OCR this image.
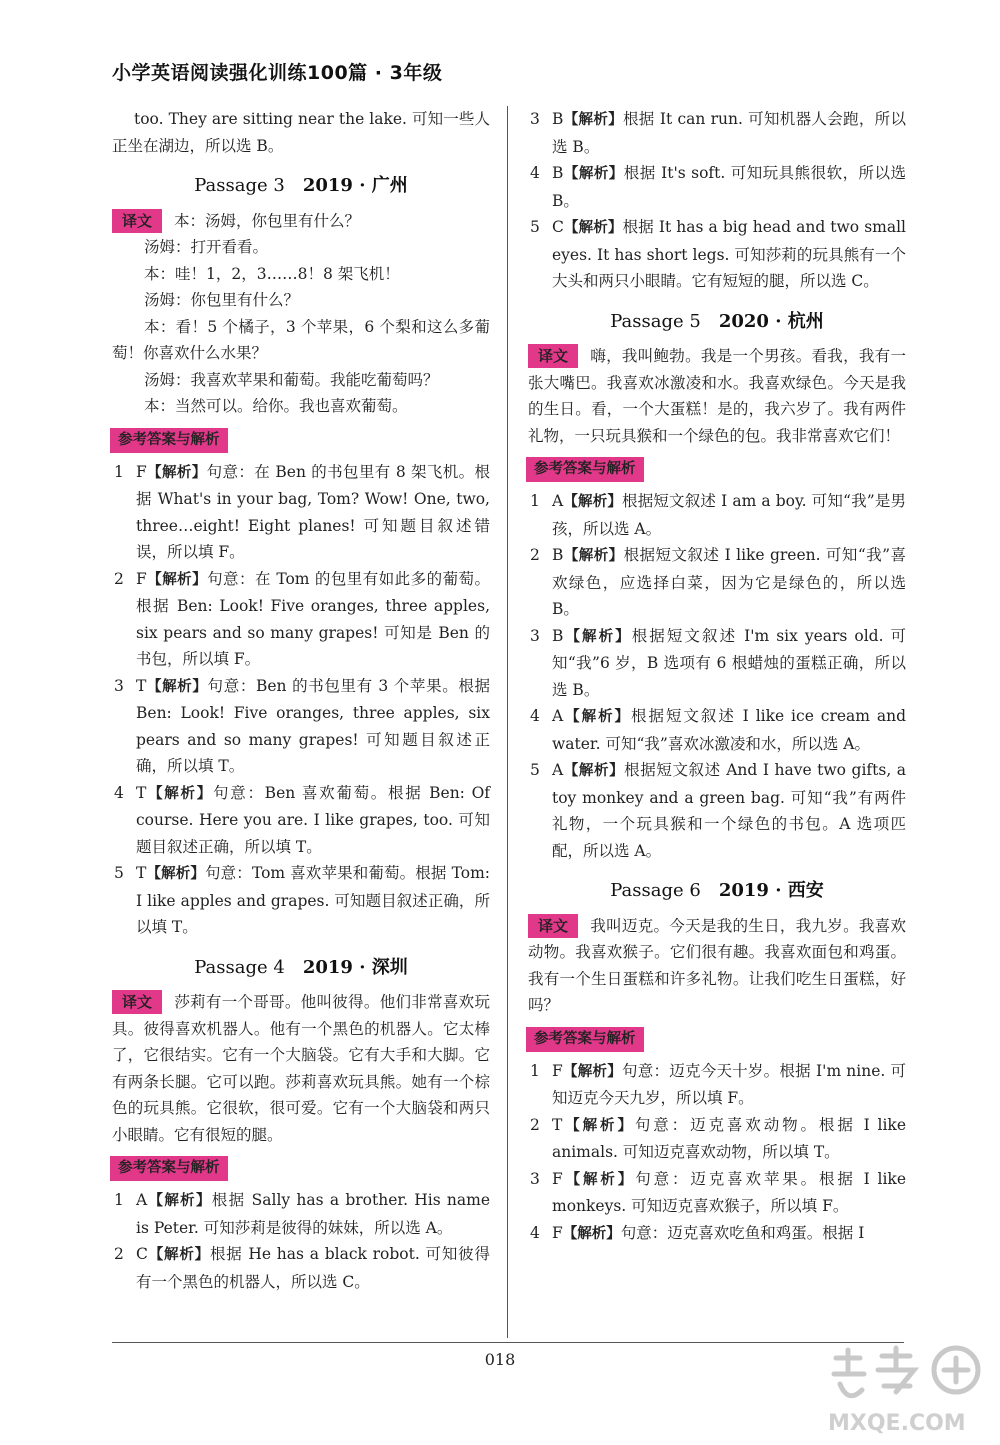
小学英语阅读强化训练100篇 · 3年级

too. They are sitting near the lake. 可知一些人正坐在湖边，所以选 B。

Passage 3 2019 · 广州

译文 本：汤姆，你包里有什么？

汤姆：打开看看。

本：哇！1，2，3……8！8 架飞机！

汤姆：你包里有什么？

本：看！5 个橘子，3 个苹果，6 个梨和这么多葡萄！你喜欢什么水果？

汤姆：我喜欢苹果和葡萄。我能吃葡萄吗？

本：当然可以。给你。我也喜欢葡萄。

参考答案与解析
1 F【解析】句意：在 Ben 的书包里有 8 架飞机。根据 What's in your bag, Tom? Wow! One, two, three…eight! Eight planes! 可知题目叙述错误，所以填 F。
2 F【解析】句意：在 Tom 的包里有如此多的葡萄。根据 Ben: Look! Five oranges, three apples, six pears and so many grapes! 可知是 Ben 的书包，所以填 F。
3 T【解析】句意：Ben 的书包里有 3 个苹果。根据 Ben: Look! Five oranges, three apples, six pears and so many grapes! 可知题目叙述正确，所以填 T。
4 T【解析】句意：Ben 喜欢葡萄。根据 Ben: Of course. Here you are. I like grapes, too. 可知题目叙述正确，所以填 T。
5 T【解析】句意：Tom 喜欢苹果和葡萄。根据 Tom: I like apples and grapes. 可知题目叙述正确，所以填 T。
Passage 4 2019 · 深圳

译文 莎莉有一个哥哥。他叫彼得。他们非常喜欢玩具。彼得喜欢机器人。他有一个黑色的机器人。它太棒了，它很结实。它有一个大脑袋。它有大手和大脚。它有两条长腿。它可以跑。莎莉喜欢玩具熊。她有一个棕色的玩具熊。它很软，很可爱。它有一个大脑袋和两只小眼睛。它有很短的腿。

参考答案与解析
1 A【解析】根据 Sally has a brother. His name is Peter. 可知莎莉是彼得的妹妹，所以选 A。
2 C【解析】根据 He has a black robot. 可知彼得有一个黑色的机器人，所以选 C。
3 B【解析】根据 It can run. 可知机器人会跑，所以选 B。
4 B【解析】根据 It's soft. 可知玩具熊很软，所以选 B。
5 C【解析】根据 It has a big head and two small eyes. It has short legs. 可知莎莉的玩具熊有一个大头和两只小眼睛。它有短短的腿，所以选 C。
Passage 5 2020 · 杭州

译文 嗨，我叫鲍勃。我是一个男孩。看我，我有一张大嘴巴。我喜欢冰激凌和水。我喜欢绿色。今天是我的生日。看，一个大蛋糕！是的，我六岁了。我有两件礼物，一只玩具猴和一个绿色的包。我非常喜欢它们！

参考答案与解析
1 A【解析】根据短文叙述 I am a boy. 可知“我”是男孩，所以选 A。
2 B【解析】根据短文叙述 I like green. 可知“我”喜欢绿色，应选择白菜，因为它是绿色的，所以选 B。
3 B【解析】根据短文叙述 I'm six years old. 可知“我”6 岁，B 选项有 6 根蜡烛的蛋糕正确，所以选 B。
4 A【解析】根据短文叙述 I like ice cream and water. 可知“我”喜欢冰激凌和水，所以选 A。
5 A【解析】根据短文叙述 And I have two gifts, a toy monkey and a green bag. 可知“我”有两件礼物，一个玩具猴和一个绿色的书包。A 选项匹配，所以选 A。
Passage 6 2019 · 西安

译文 我叫迈克。今天是我的生日，我九岁。我喜欢动物。我喜欢猴子。它们很有趣。我喜欢面包和鸡蛋。我有一个生日蛋糕和许多礼物。让我们吃生日蛋糕，好吗？

参考答案与解析
1 F【解析】句意：迈克今天十岁。根据 I'm nine. 可知迈克今天九岁，所以填 F。
2 T【解析】句意：迈克喜欢动物。根据 I like animals. 可知迈克喜欢动物，所以填 T。
3 F【解析】句意：迈克喜欢苹果。根据 I like monkeys. 可知迈克喜欢猴子，所以填 F。
4 F【解析】句意：迈克喜欢吃鱼和鸡蛋。根据 I
018
MXQE.COM
